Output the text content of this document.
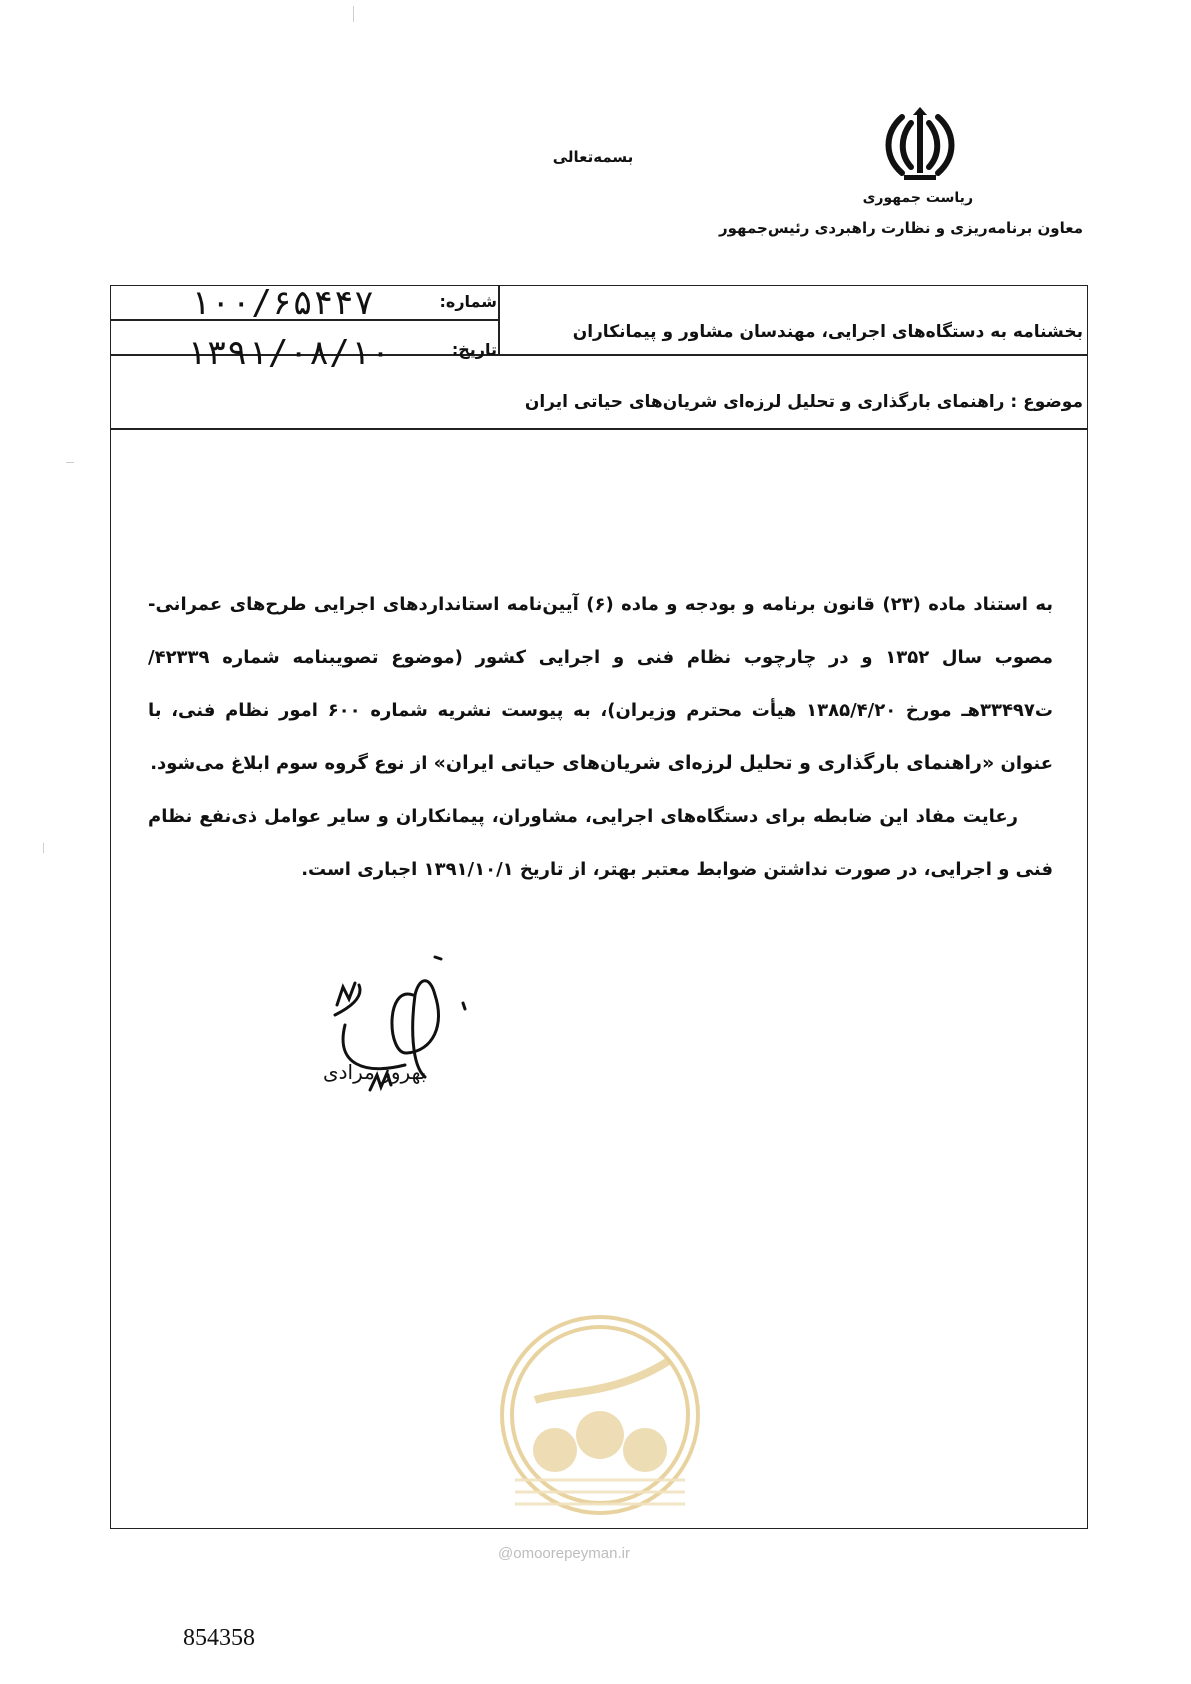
بسمه‌تعالی
ریاست جمهوری
معاون برنامه‌ریزی و نظارت راهبردی رئیس‌جمهور
شماره:
۱۰۰/۶۵۴۴۷
تاریخ:
۱۳۹۱/۰۸/۱۰
بخشنامه به دستگاه‌های اجرایی، مهندسان مشاور و پیمانکاران
موضوع : راهنمای بارگذاری و تحلیل لرزه‌ای شریان‌های حیاتی ایران

به استناد ماده (۲۳) قانون برنامه و بودجه و ماده (۶) آیین‌نامه استانداردهای اجرایی طرح‌های عمرانی- مصوب سال ۱۳۵۲ و در چارچوب نظام فنی و اجرایی کشور (موضوع تصویبنامه شماره ۴۲۳۳۹/ت۳۳۴۹۷هـ مورخ ۱۳۸۵/۴/۲۰ هیأت محترم وزیران)، به پیوست نشریه شماره ۶۰۰ امور نظام فنی، با عنوان «راهنمای بارگذاری و تحلیل لرزه‌ای شریان‌های حیاتی ایران» از نوع گروه سوم ابلاغ می‌شود.

رعایت مفاد این ضابطه برای دستگاه‌های اجرایی، مشاوران، پیمانکاران و سایر عوامل ذی‌نفع نظام فنی و اجرایی، در صورت نداشتن ضوابط معتبر بهتر، از تاریخ ۱۳۹۱/۱۰/۱ اجباری است.

بهروز مرادی
@omoorepeyman.ir
854358
